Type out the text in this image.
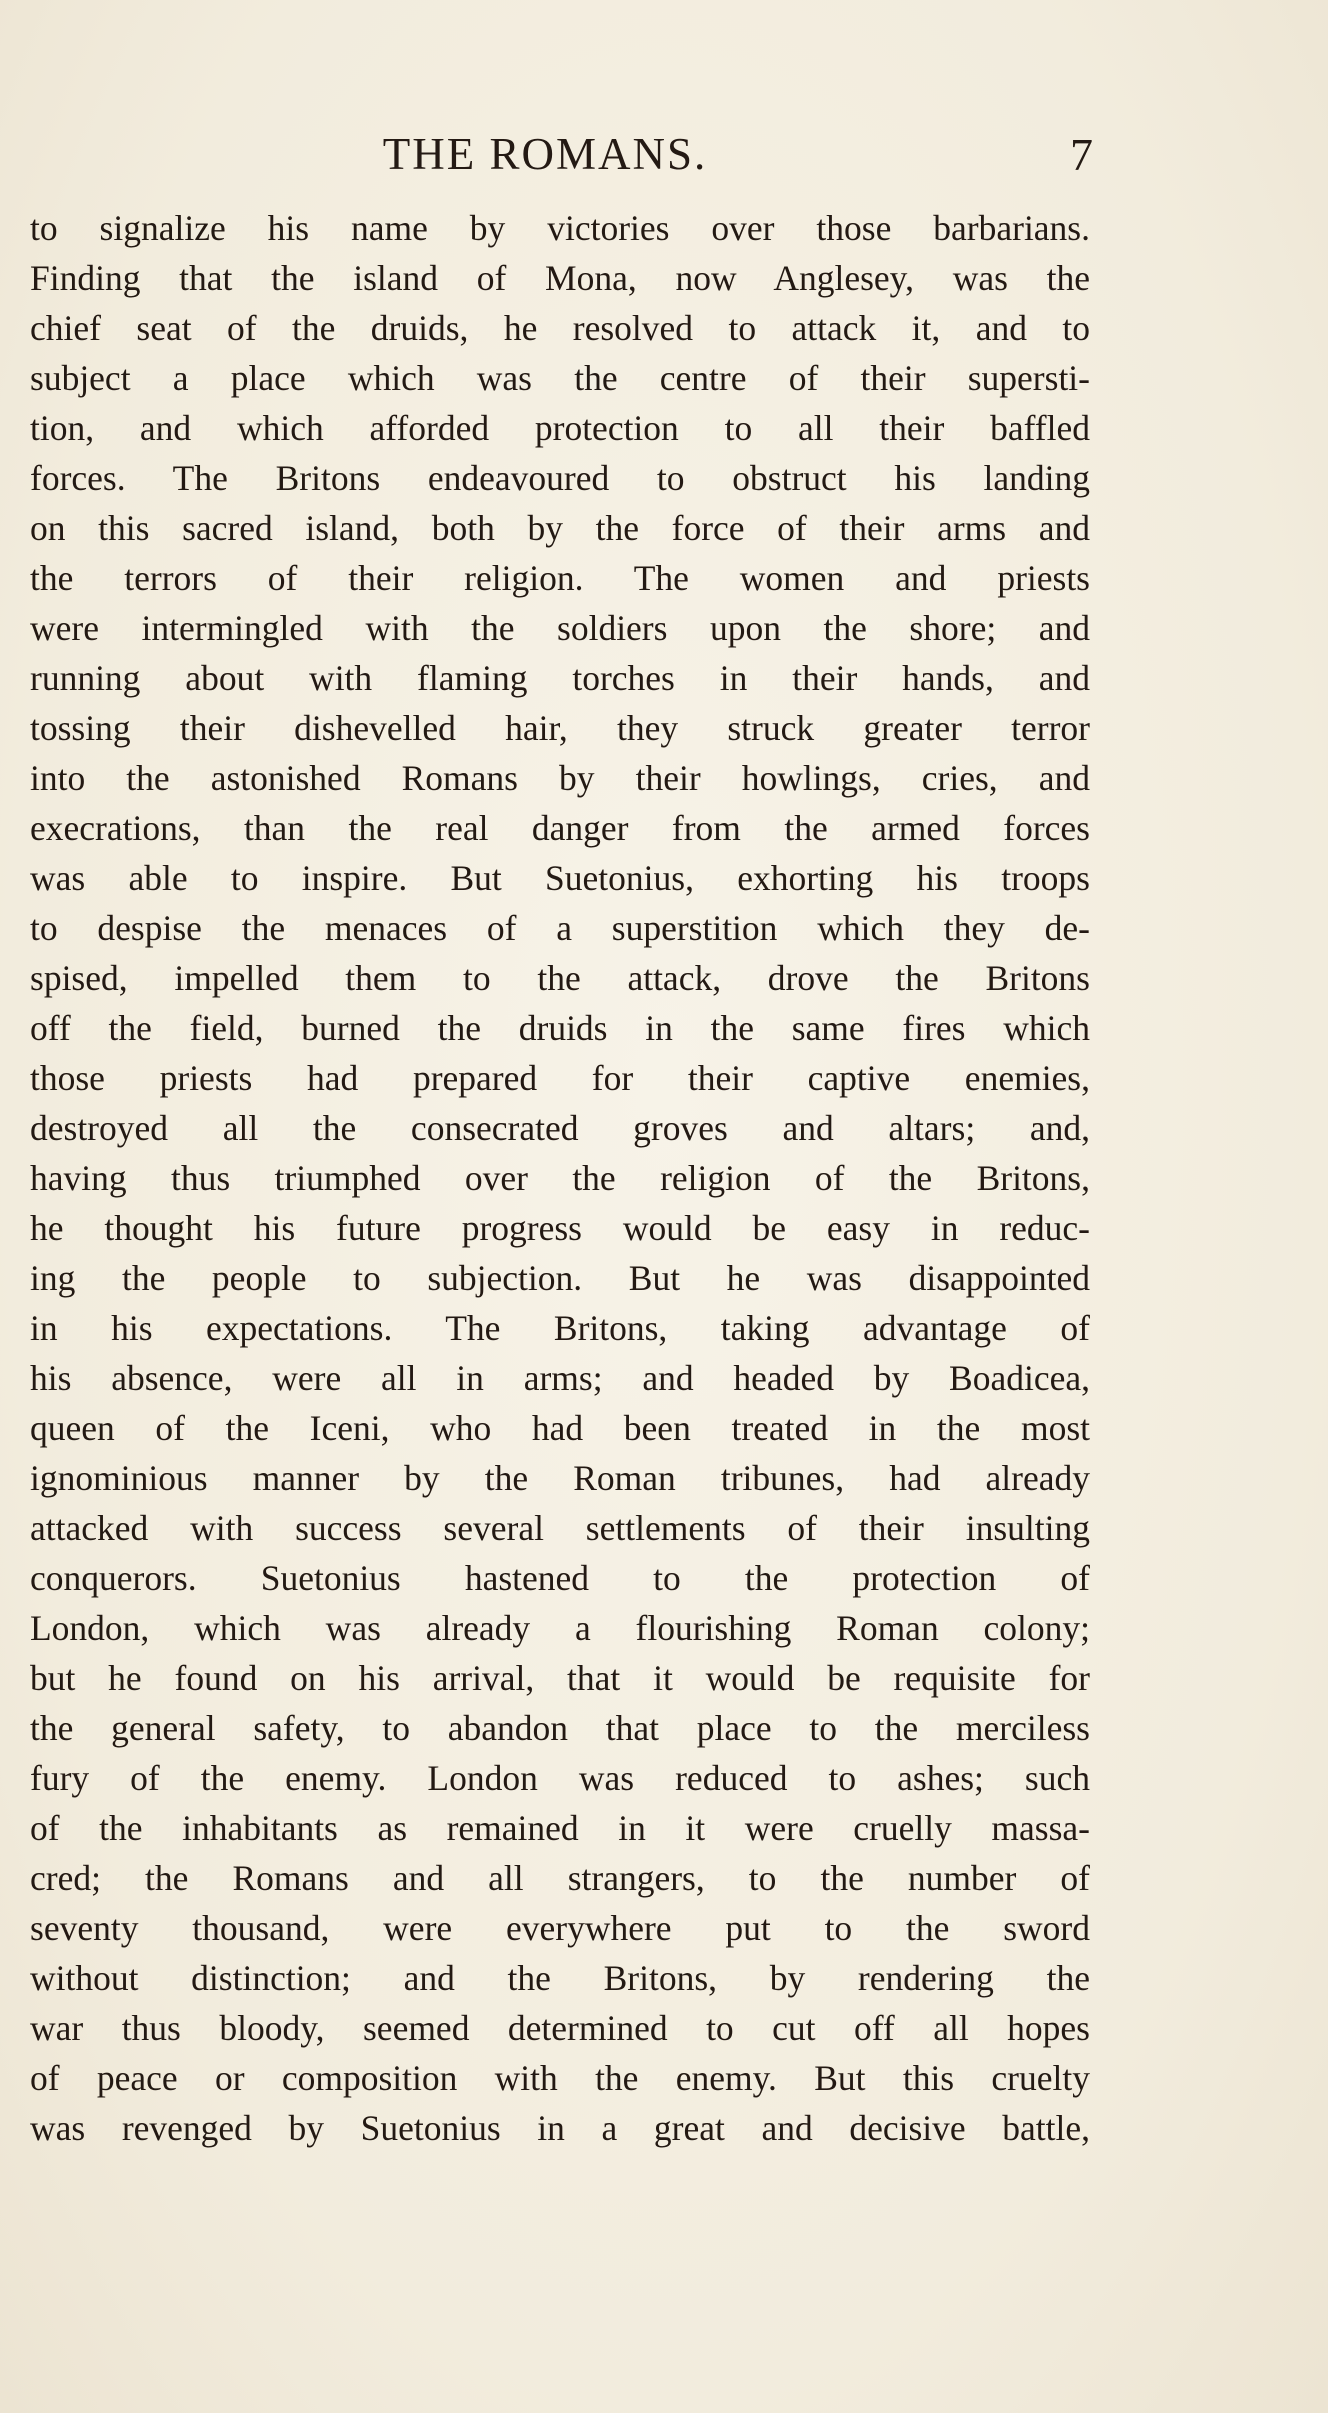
THE ROMANS.	7
to signalize his name by victories over those barbarians.
Finding that the island of Mona, now Anglesey, was the
chief seat of the druids, he resolved to attack it, and to
subject a place which was the centre of their supersti-
tion, and which afforded protection to all their baffled
forces. The Britons endeavoured to obstruct his landing
on this sacred island, both by the force of their arms and
the terrors of their religion. The women and priests
were intermingled with the soldiers upon the shore; and
running about with flaming torches in their hands, and
tossing their dishevelled hair, they struck greater terror
into the astonished Romans by their howlings, cries, and
execrations, than the real danger from the armed forces
was able to inspire. But Suetonius, exhorting his troops
to despise the menaces of a superstition which they de-
spised, impelled them to the attack, drove the Britons
off the field, burned the druids in the same fires which
those priests had prepared for their captive enemies,
destroyed all the consecrated groves and altars; and,
having thus triumphed over the religion of the Britons,
he thought his future progress would be easy in reduc-
ing the people to subjection. But he was disappointed
in his expectations. The Britons, taking advantage of
his absence, were all in arms; and headed by Boadicea,
queen of the Iceni, who had been treated in the most
ignominious manner by the Roman tribunes, had already
attacked with success several settlements of their insulting
conquerors. Suetonius hastened to the protection of
London, which was already a flourishing Roman colony;
but he found on his arrival, that it would be requisite for
the general safety, to abandon that place to the merciless
fury of the enemy. London was reduced to ashes; such
of the inhabitants as remained in it were cruelly massa-
cred; the Romans and all strangers, to the number of
seventy thousand, were everywhere put to the sword
without distinction; and the Britons, by rendering the
war thus bloody, seemed determined to cut off all hopes
of peace or composition with the enemy. But this cruelty
was revenged by Suetonius in a great and decisive battle,
